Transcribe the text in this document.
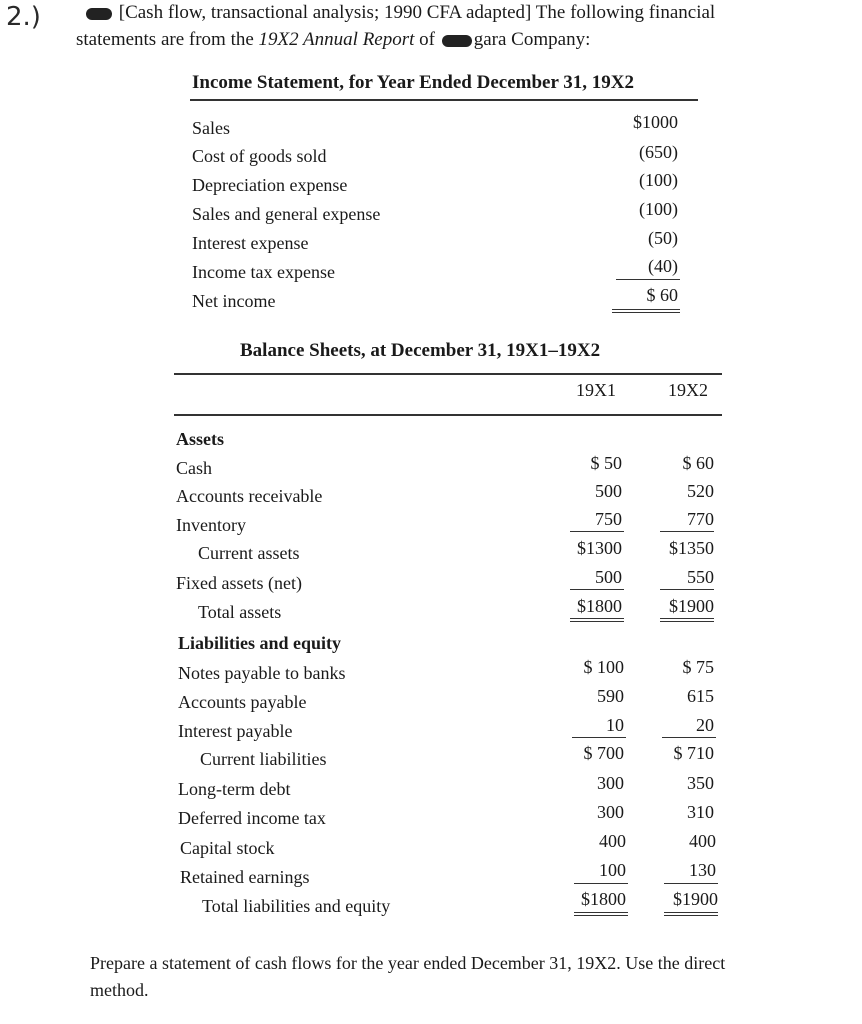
2.)	[Cash flow, transactional analysis; 1990 CFA adapted] The following financial
statements are from the 19X2 Annual Report of gara Company:
Income Statement, for Year Ended December 31, 19X2
Sales	$1000
Cost of goods sold	(650)
Depreciation expense	(100)
Sales and general expense	(100)
Interest expense	(50)
Income tax expense	(40)
Net income	$ 60
Balance Sheets, at December 31, 19X1–19X2
19X1	19X2
Assets
Cash	$ 50	$ 60
Accounts receivable	500	520
Inventory	750	770
Current assets	$1300	$1350
Fixed assets (net)	500	550
Total assets	$1800	$1900
Liabilities and equity
Notes payable to banks	$ 100	$ 75
Accounts payable	590	615
Interest payable	10	20
Current liabilities	$ 700	$ 710
Long-term debt	300	350
Deferred income tax	300	310
Capital stock	400	400
Retained earnings	100	130
Total liabilities and equity	$1800	$1900
Prepare a statement of cash flows for the year ended December 31, 19X2. Use the direct
method.
